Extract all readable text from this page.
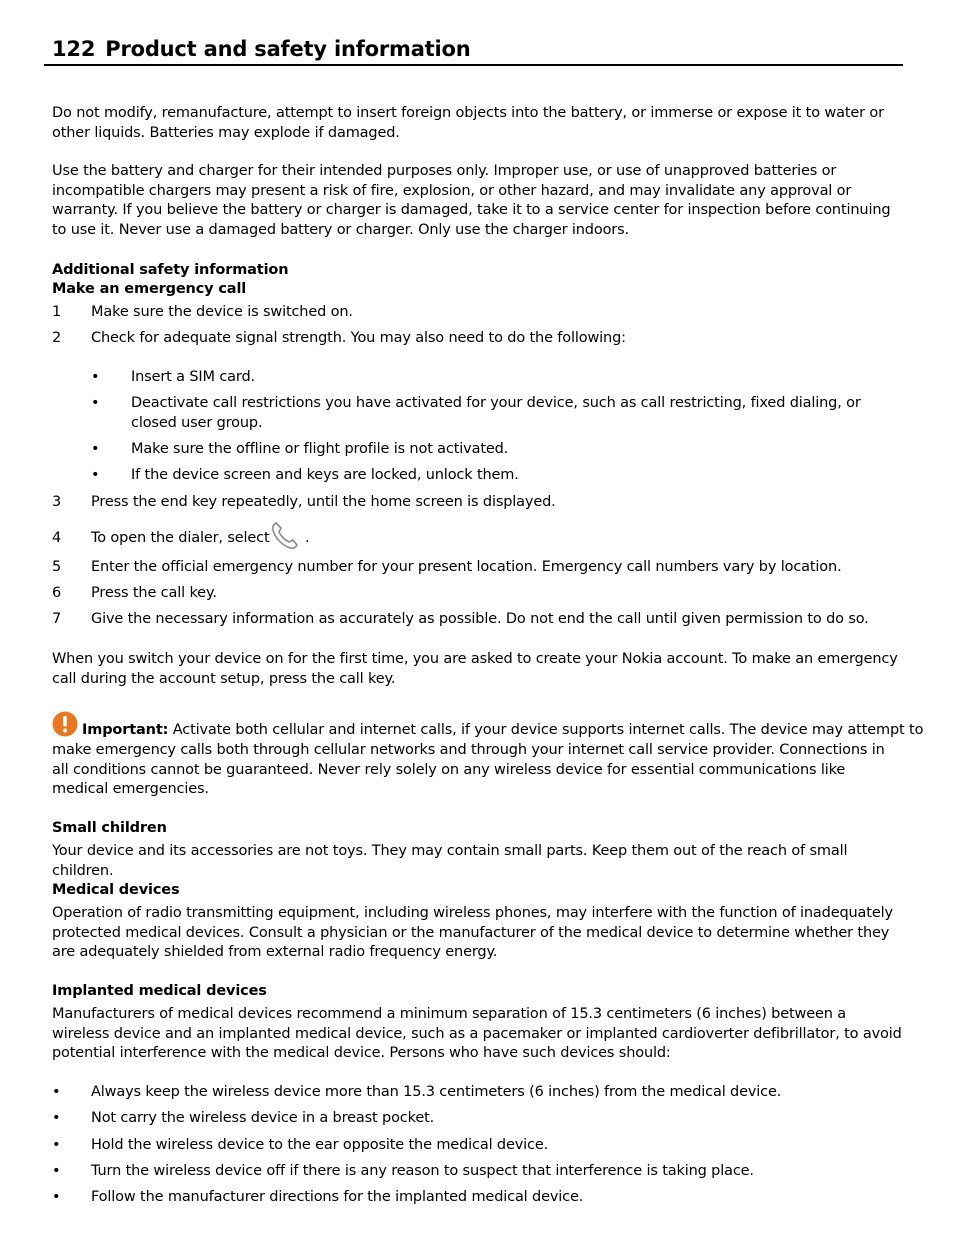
122 Product and safety information
Do not modify, remanufacture, attempt to insert foreign objects into the battery, or immerse or expose it to water or other liquids. Batteries may explode if damaged.
Use the battery and charger for their intended purposes only. Improper use, or use of unapproved batteries or incompatible chargers may present a risk of fire, explosion, or other hazard, and may invalidate any approval or warranty. If you believe the battery or charger is damaged, take it to a service center for inspection before continuing to use it. Never use a damaged battery or charger. Only use the charger indoors.
Additional safety information
Make an emergency call
1 Make sure the device is switched on.
2 Check for adequate signal strength. You may also need to do the following:
• Insert a SIM card.
• Deactivate call restrictions you have activated for your device, such as call restricting, fixed dialing, or closed user group.
• Make sure the offline or flight profile is not activated.
• If the device screen and keys are locked, unlock them.
3 Press the end key repeatedly, until the home screen is displayed.
4 To open the dialer, select .
5 Enter the official emergency number for your present location. Emergency call numbers vary by location.
6 Press the call key.
7 Give the necessary information as accurately as possible. Do not end the call until given permission to do so.
When you switch your device on for the first time, you are asked to create your Nokia account. To make an emergency call during the account setup, press the call key.
Important: Activate both cellular and internet calls, if your device supports internet calls. The device may attempt to
make emergency calls both through cellular networks and through your internet call service provider. Connections in all conditions cannot be guaranteed. Never rely solely on any wireless device for essential communications like medical emergencies.
Small children
Your device and its accessories are not toys. They may contain small parts. Keep them out of the reach of small children.
Medical devices
Operation of radio transmitting equipment, including wireless phones, may interfere with the function of inadequately protected medical devices. Consult a physician or the manufacturer of the medical device to determine whether they are adequately shielded from external radio frequency energy.
Implanted medical devices
Manufacturers of medical devices recommend a minimum separation of 15.3 centimeters (6 inches) between a wireless device and an implanted medical device, such as a pacemaker or implanted cardioverter defibrillator, to avoid potential interference with the medical device. Persons who have such devices should:
• Always keep the wireless device more than 15.3 centimeters (6 inches) from the medical device.
• Not carry the wireless device in a breast pocket.
• Hold the wireless device to the ear opposite the medical device.
• Turn the wireless device off if there is any reason to suspect that interference is taking place.
• Follow the manufacturer directions for the implanted medical device.
